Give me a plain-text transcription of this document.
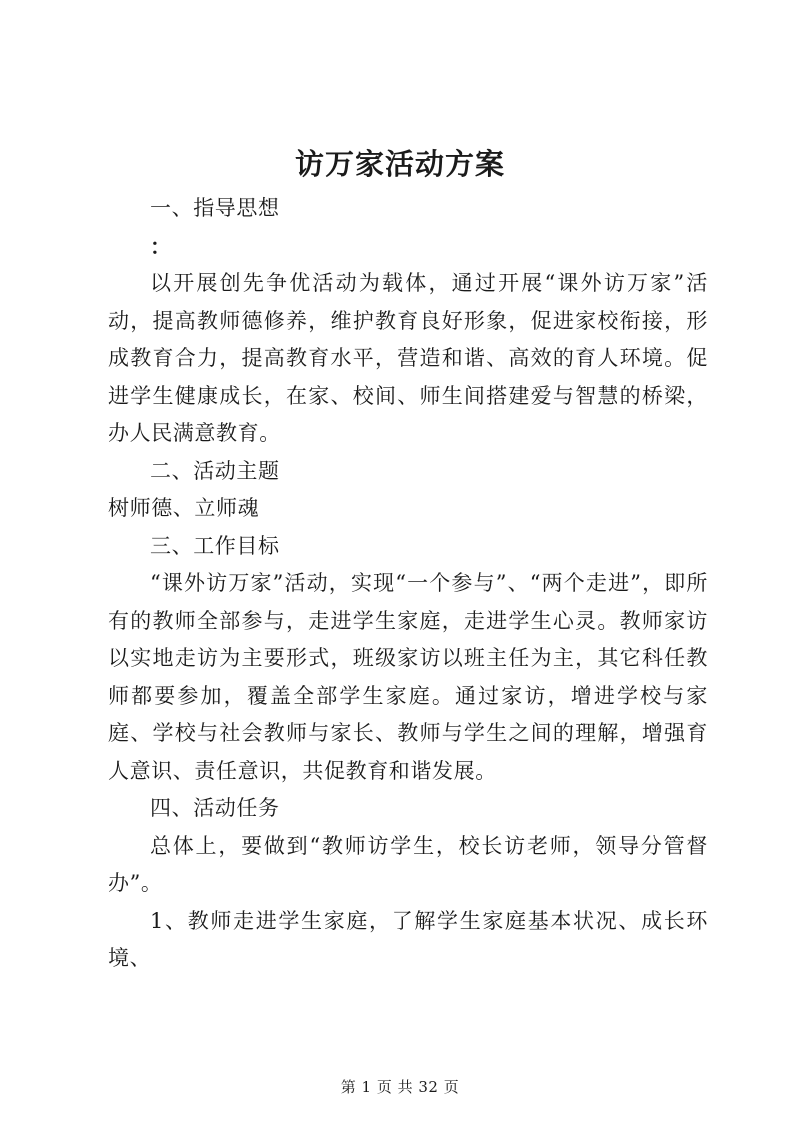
访万家活动方案

一、指导思想

：

以开展创先争优活动为载体，通过开展“课外访万家”活动，提高教师德修养，维护教育良好形象，促进家校衔接，形成教育合力，提高教育水平，营造和谐、高效的育人环境。促进学生健康成长，在家、校间、师生间搭建爱与智慧的桥梁，办人民满意教育。

二、活动主题

树师德、立师魂

三、工作目标

“课外访万家”活动，实现“一个参与”、“两个走进”，即所有的教师全部参与，走进学生家庭，走进学生心灵。教师家访以实地走访为主要形式，班级家访以班主任为主，其它科任教师都要参加，覆盖全部学生家庭。通过家访，增进学校与家庭、学校与社会教师与家长、教师与学生之间的理解，增强育人意识、责任意识，共促教育和谐发展。

四、活动任务

总体上，要做到“教师访学生，校长访老师，领导分管督办”。

1、教师走进学生家庭，了解学生家庭基本状况、成长环境、

第 1 页 共 32 页
